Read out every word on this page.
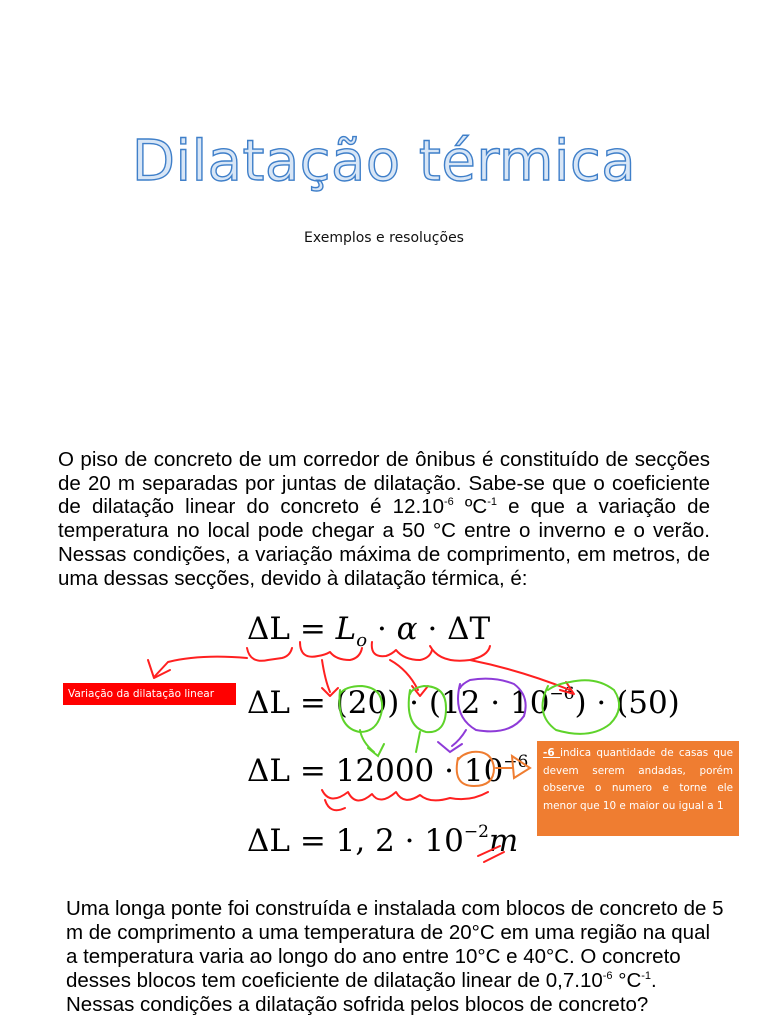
Dilatação térmica
Exemplos e resoluções

O piso de concreto de um corredor de ônibus é constituído de secções de 20 m separadas por juntas de dilatação. Sabe-se que o coeficiente de dilatação linear do concreto é $12.10^{-6}$ ºC$^{-1}$ e que a variação de temperatura no local pode chegar a 50 °C entre o inverno e o verão. Nessas condições, a variação máxima de comprimento, em metros, de uma dessas secções, devido à dilatação térmica, é:

$\Delta L = L_o \cdot \alpha \cdot \Delta T$
$\Delta L = (20) \cdot (12 \cdot 10^{-6}) \cdot (50)$
$\Delta L = 12000 \cdot 10^{-6}$
ΔL = 1, $2 \cdot 10^{-2}m$
Variação da dilatação linear
-6 indica quantidade de casas que devem serem andadas, porém observe o numero e torne ele menor que 10 e maior ou igual a 1

Uma longa ponte foi construída e instalada com blocos de concreto de 5 m de comprimento a uma temperatura de 20°C em uma região na qual a temperatura varia ao longo do ano entre 10°C e 40°C. O concreto desses blocos tem coeficiente de dilatação linear de $0,7.10^{-6}$ $^\circ C^{-1}$. Nessas condições a dilatação sofrida pelos blocos de concreto?
